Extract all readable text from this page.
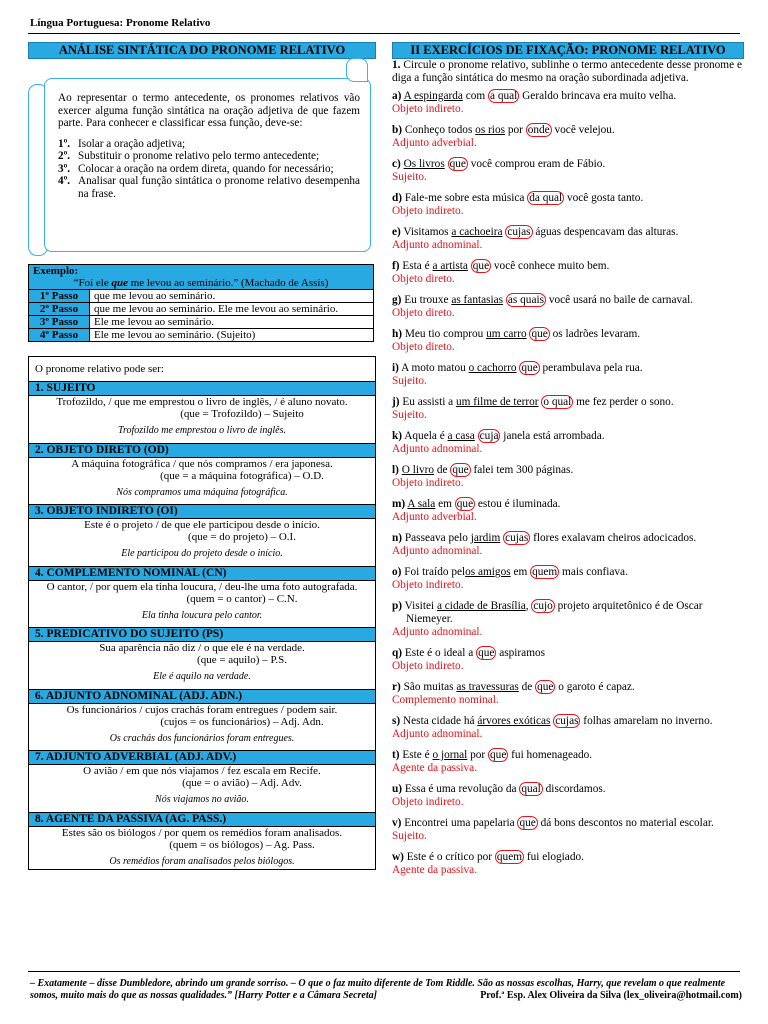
Língua Portuguesa: Pronome Relativo
ANÁLISE SINTÁTICA DO PRONOME RELATIVO
Ao representar o termo antecedente, os pronomes relativos vão exercer alguma função sintática na oração adjetiva de que fazem parte. Para conhecer e classificar essa função, deve-se:
1º. Isolar a oração adjetiva;
2º. Substituir o pronome relativo pelo termo antecedente;
3º. Colocar a oração na ordem direta, quando for necessário;
4º. Analisar qual função sintática o pronome relativo desempenha na frase.
Exemplo:
“Foi ele que me levou ao seminário.” (Machado de Assis)	

1º Passo	que me levou ao seminário.
2º Passo	que me levou ao seminário. Ele me levou ao seminário.
3º Passo	Ele me levou ao seminário.
4º Passo	Ele me levou ao seminário. (Sujeito)
O pronome relativo pode ser:
1. SUJEITO
Trofozildo, / que me emprestou o livro de inglês, / é aluno novato.
(que = Trofozildo) – Sujeito
Trofozildo me emprestou o livro de inglês.
2. OBJETO DIRETO (OD)
A máquina fotográfica / que nós compramos / era japonesa.
(que = a máquina fotográfica) – O.D.
Nós compramos uma máquina fotográfica.
3. OBJETO INDIRETO (OI)
Este é o projeto / de que ele participou desde o início.
(que = do projeto) – O.I.
Ele participou do projeto desde o início.
4. COMPLEMENTO NOMINAL (CN)
O cantor, / por quem ela tinha loucura, / deu-lhe uma foto autografada.
(quem = o cantor) – C.N.
Ela tinha loucura pelo cantor.
5. PREDICATIVO DO SUJEITO (PS)
Sua aparência não diz / o que ele é na verdade.
(que = aquilo) – P.S.
Ele é aquilo na verdade.
6. ADJUNTO ADNOMINAL (ADJ. ADN.)
Os funcionários / cujos crachás foram entregues / podem sair.
(cujos = os funcionários) – Adj. Adn.
Os crachás dos funcionários foram entregues.
7. ADJUNTO ADVERBIAL (ADJ. ADV.)
O avião / em que nós viajamos / fez escala em Recife.
(que = o avião) – Adj. Adv.
Nós viajamos no avião.
8. AGENTE DA PASSIVA (AG. PASS.)
Estes são os biólogos / por quem os remédios foram analisados.
(quem = os biólogos) – Ag. Pass.
Os remédios foram analisados pelos biólogos.
II EXERCÍCIOS DE FIXAÇÃO: PRONOME RELATIVO
1. Circule o pronome relativo, sublinhe o termo antecedente desse pronome e diga a função sintática do mesmo na oração subordinada adjetiva.
a) A espingarda com a qual Geraldo brincava era muito velha.
Objeto indireto.
b) Conheço todos os rios por onde você velejou.
Adjunto adverbial.
c) Os livros que você comprou eram de Fábio.
Sujeito.
d) Fale-me sobre esta música da qual você gosta tanto.
Objeto indireto.
e) Visitamos a cachoeira cujas águas despencavam das alturas.
Adjunto adnominal.
f) Esta é a artista que você conhece muito bem.
Objeto direto.
g) Eu trouxe as fantasias as quais você usará no baile de carnaval.
Objeto direto.
h) Meu tio comprou um carro que os ladrões levaram.
Objeto direto.
i) A moto matou o cachorro que perambulava pela rua.
Sujeito.
j) Eu assisti a um filme de terror o qual me fez perder o sono.
Sujeito.
k) Aquela é a casa cuja janela está arrombada.
Adjunto adnominal.
l) O livro de que falei tem 300 páginas.
Objeto indireto.
m) A sala em que estou é iluminada.
Adjunto adverbial.
n) Passeava pelo jardim cujas flores exalavam cheiros adocicados.
Adjunto adnominal.
o) Foi traído pelos amigos em quem mais confiava.
Objeto indireto.
p) Visitei a cidade de Brasília, cujo projeto arquitetônico é de Oscar Niemeyer.
Adjunto adnominal.
q) Este é o ideal a que aspiramos
Objeto indireto.
r) São muitas as travessuras de que o garoto é capaz.
Complemento nominal.
s) Nesta cidade há árvores exóticas cujas folhas amarelam no inverno.
Adjunto adnominal.
t) Este é o jornal por que fui homenageado.
Agente da passiva.
u) Essa é uma revolução da qual discordamos.
Objeto indireto.
v) Encontrei uma papelaria que dá bons descontos no material escolar.
Sujeito.
w) Este é o crítico por quem fui elogiado.
Agente da passiva.
– Exatamente – disse Dumbledore, abrindo um grande sorriso. – O que o faz muito diferente de Tom Riddle. São as nossas escolhas, Harry, que revelam o que realmente
somos, muito mais do que as nossas qualidades.” [Harry Potter e a Câmara Secreta]	Prof.ª Esp. Alex Oliveira da Silva (lex_oliveira@hotmail.com)
